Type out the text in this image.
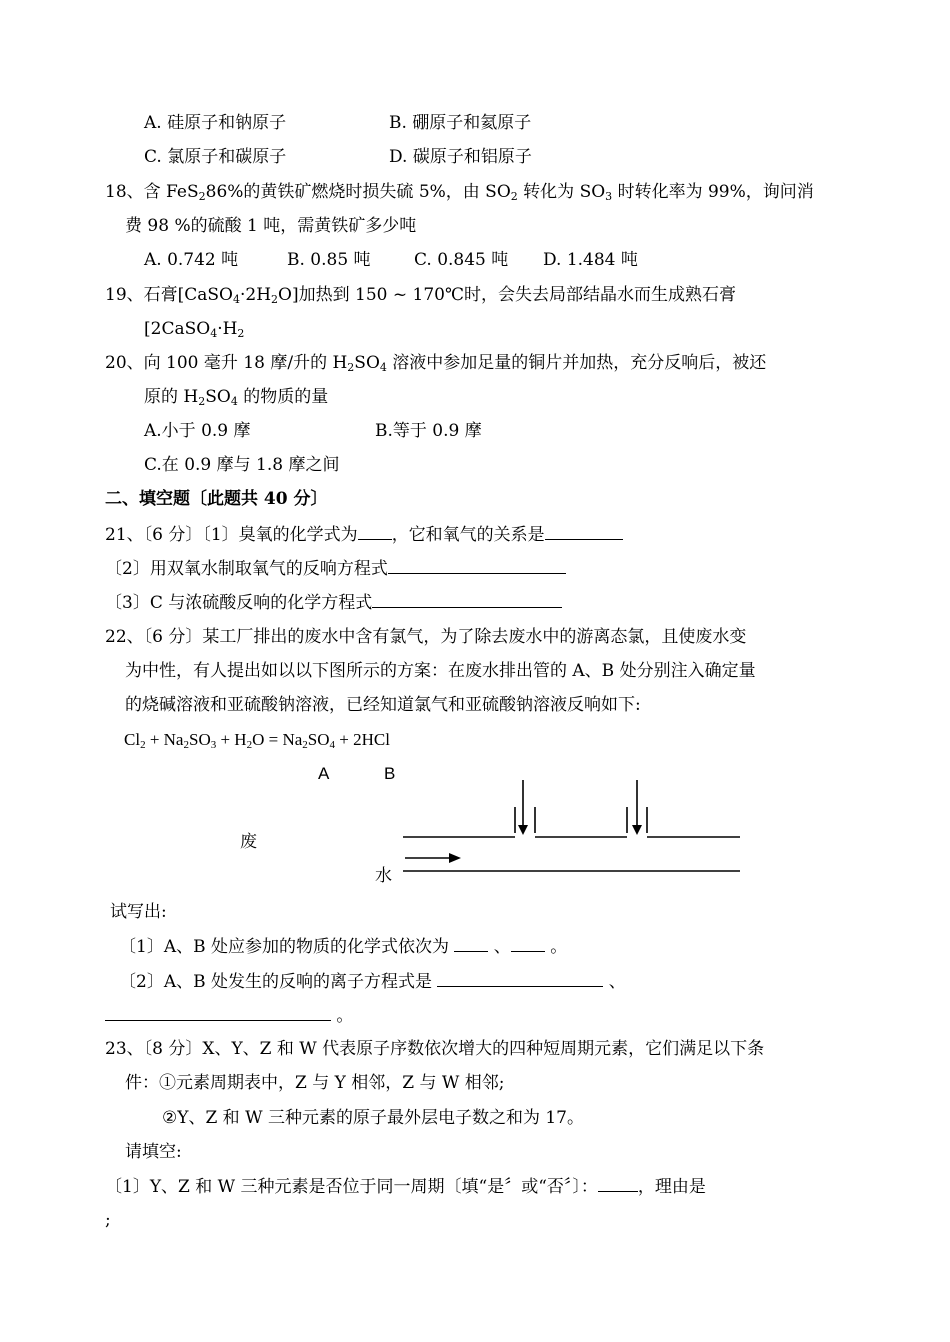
A. 硅原子和钠原子	B. 硼原子和氦原子
C. 氯原子和碳原子	D. 碳原子和铝原子
18、含 FeS$_2$86%的黄铁矿燃烧时损失硫 5%，由 $SO_2$ 转化为 $SO_3$ 时转化率为 99%，询问消
费 98 %的硫酸 1 吨，需黄铁矿多少吨
A. 0.742 吨	B. 0.85 吨	C. 0.845 吨 D. 1.484 吨
19、石膏$[CaSO_4\cdot 2H_2O]$加热到 150 ~ 170℃时，会失去局部结晶水而生成熟石膏
[$2CaSO_4\cdot H_2$
20、向 100 毫升 18 摩/升的 $H_2SO_4$ 溶液中参加足量的铜片并加热，充分反响后，被还
原的 $H_2SO_4$ 的物质的量
A.小于 0.9 摩	B.等于 0.9 摩
C.在 0.9 摩与 1.8 摩之间
二、填空题〔此题共 40 分〕
21、〔6 分〕〔1〕臭氧的化学式为 ，它和氧气的关系是
〔2〕用双氧水制取氧气的反响方程式
〔3〕C 与浓硫酸反响的化学方程式
22、〔6 分〕某工厂排出的废水中含有氯气，为了除去废水中的游离态氯，且使废水变
为中性，有人提出如以以下图所示的方案：在废水排出管的 A、B 处分别注入确定量
的烧碱溶液和亚硫酸钠溶液，已经知道氯气和亚硫酸钠溶液反响如下:
$Cl_2 + Na_2SO_3 + H_2O = Na_2SO_4 + 2HCl$
A	B
废
水
试写出:
〔1〕A、B 处应参加的物质的化学式依次为  、 。
〔2〕A、B 处发生的反响的离子方程式是	、
。
23、〔8 分〕X、Y、Z 和 W 代表原子序数依次增大的四种短周期元素，它们满足以下条
件：①元素周期表中，Z 与 Y 相邻，Z 与 W 相邻;
②Y、Z 和 W 三种元素的原子最外层电子数之和为 17。
请填空:
〔1〕Y、Z 和 W 三种元素是否位于同一周期〔填“是〞或“否〞〕： ，理由是
;
